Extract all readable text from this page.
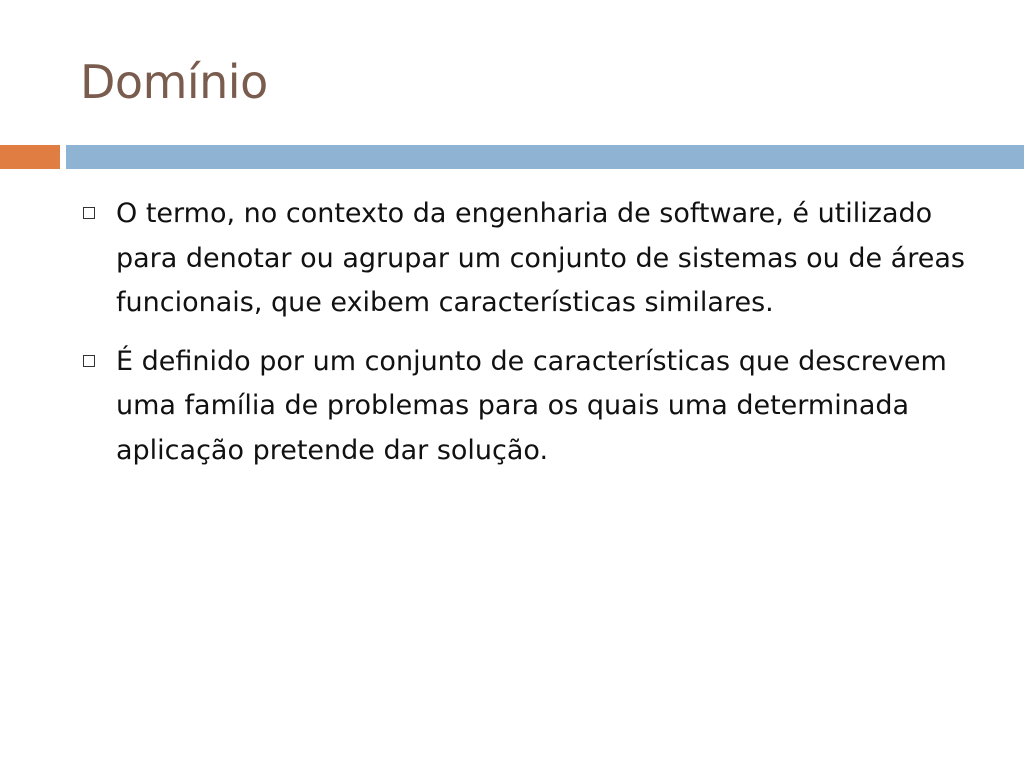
Domínio
O termo, no contexto da engenharia de software, é utilizado para denotar ou agrupar um conjunto de sistemas ou de áreas funcionais, que exibem características similares.
É definido por um conjunto de características que descrevem uma família de problemas para os quais uma determinada aplicação pretende dar solução.
